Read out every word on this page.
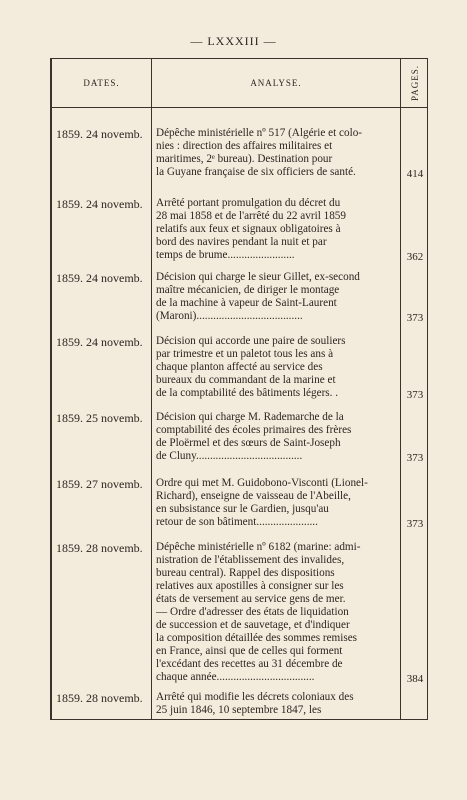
— LXXXIII —
DATES.	ANALYSE.	PAGES.
1859. 24 novemb.	Dépêche ministérielle nº 517 (Algérie et colo-
nies : direction des affaires militaires et
maritimes, 2ᵉ bureau). Destination pour
la Guyane française de six officiers de santé.	414
1859. 24 novemb.	Arrêté portant promulgation du décret du
28 mai 1858 et de l'arrêté du 22 avril 1859
relatifs aux feux et signaux obligatoires à
bord des navires pendant la nuit et par
temps de brume........................	362
1859. 24 novemb.	Décision qui charge le sieur Gillet, ex-second
maître mécanicien, de diriger le montage
de la machine à vapeur de Saint-Laurent
(Maroni)......................................	373
1859. 24 novemb.	Décision qui accorde une paire de souliers
par trimestre et un paletot tous les ans à
chaque planton affecté au service des
bureaux du commandant de la marine et
de la comptabilité des bâtiments légers. .	373
1859. 25 novemb.	Décision qui charge M. Rademarche de la
comptabilité des écoles primaires des frères
de Ploërmel et des sœurs de Saint-Joseph
de Cluny......................................	373
1859. 27 novemb.	Ordre qui met M. Guidobono-Visconti (Lionel-
Richard), enseigne de vaisseau de l'Abeille,
en subsistance sur le Gardien, jusqu'au
retour de son bâtiment......................	373
1859. 28 novemb.	Dépêche ministérielle nº 6182 (marine: admi-
nistration de l'établissement des invalides,
bureau central). Rappel des dispositions
relatives aux apostilles à consigner sur les
états de versement au service gens de mer.
— Ordre d'adresser des états de liquidation
de succession et de sauvetage, et d'indiquer
la composition détaillée des sommes remises
en France, ainsi que de celles qui forment
l'excédant des recettes au 31 décembre de
chaque année...................................	384
1859. 28 novemb.	Arrêté qui modifie les décrets coloniaux des
25 juin 1846, 10 septembre 1847, les
